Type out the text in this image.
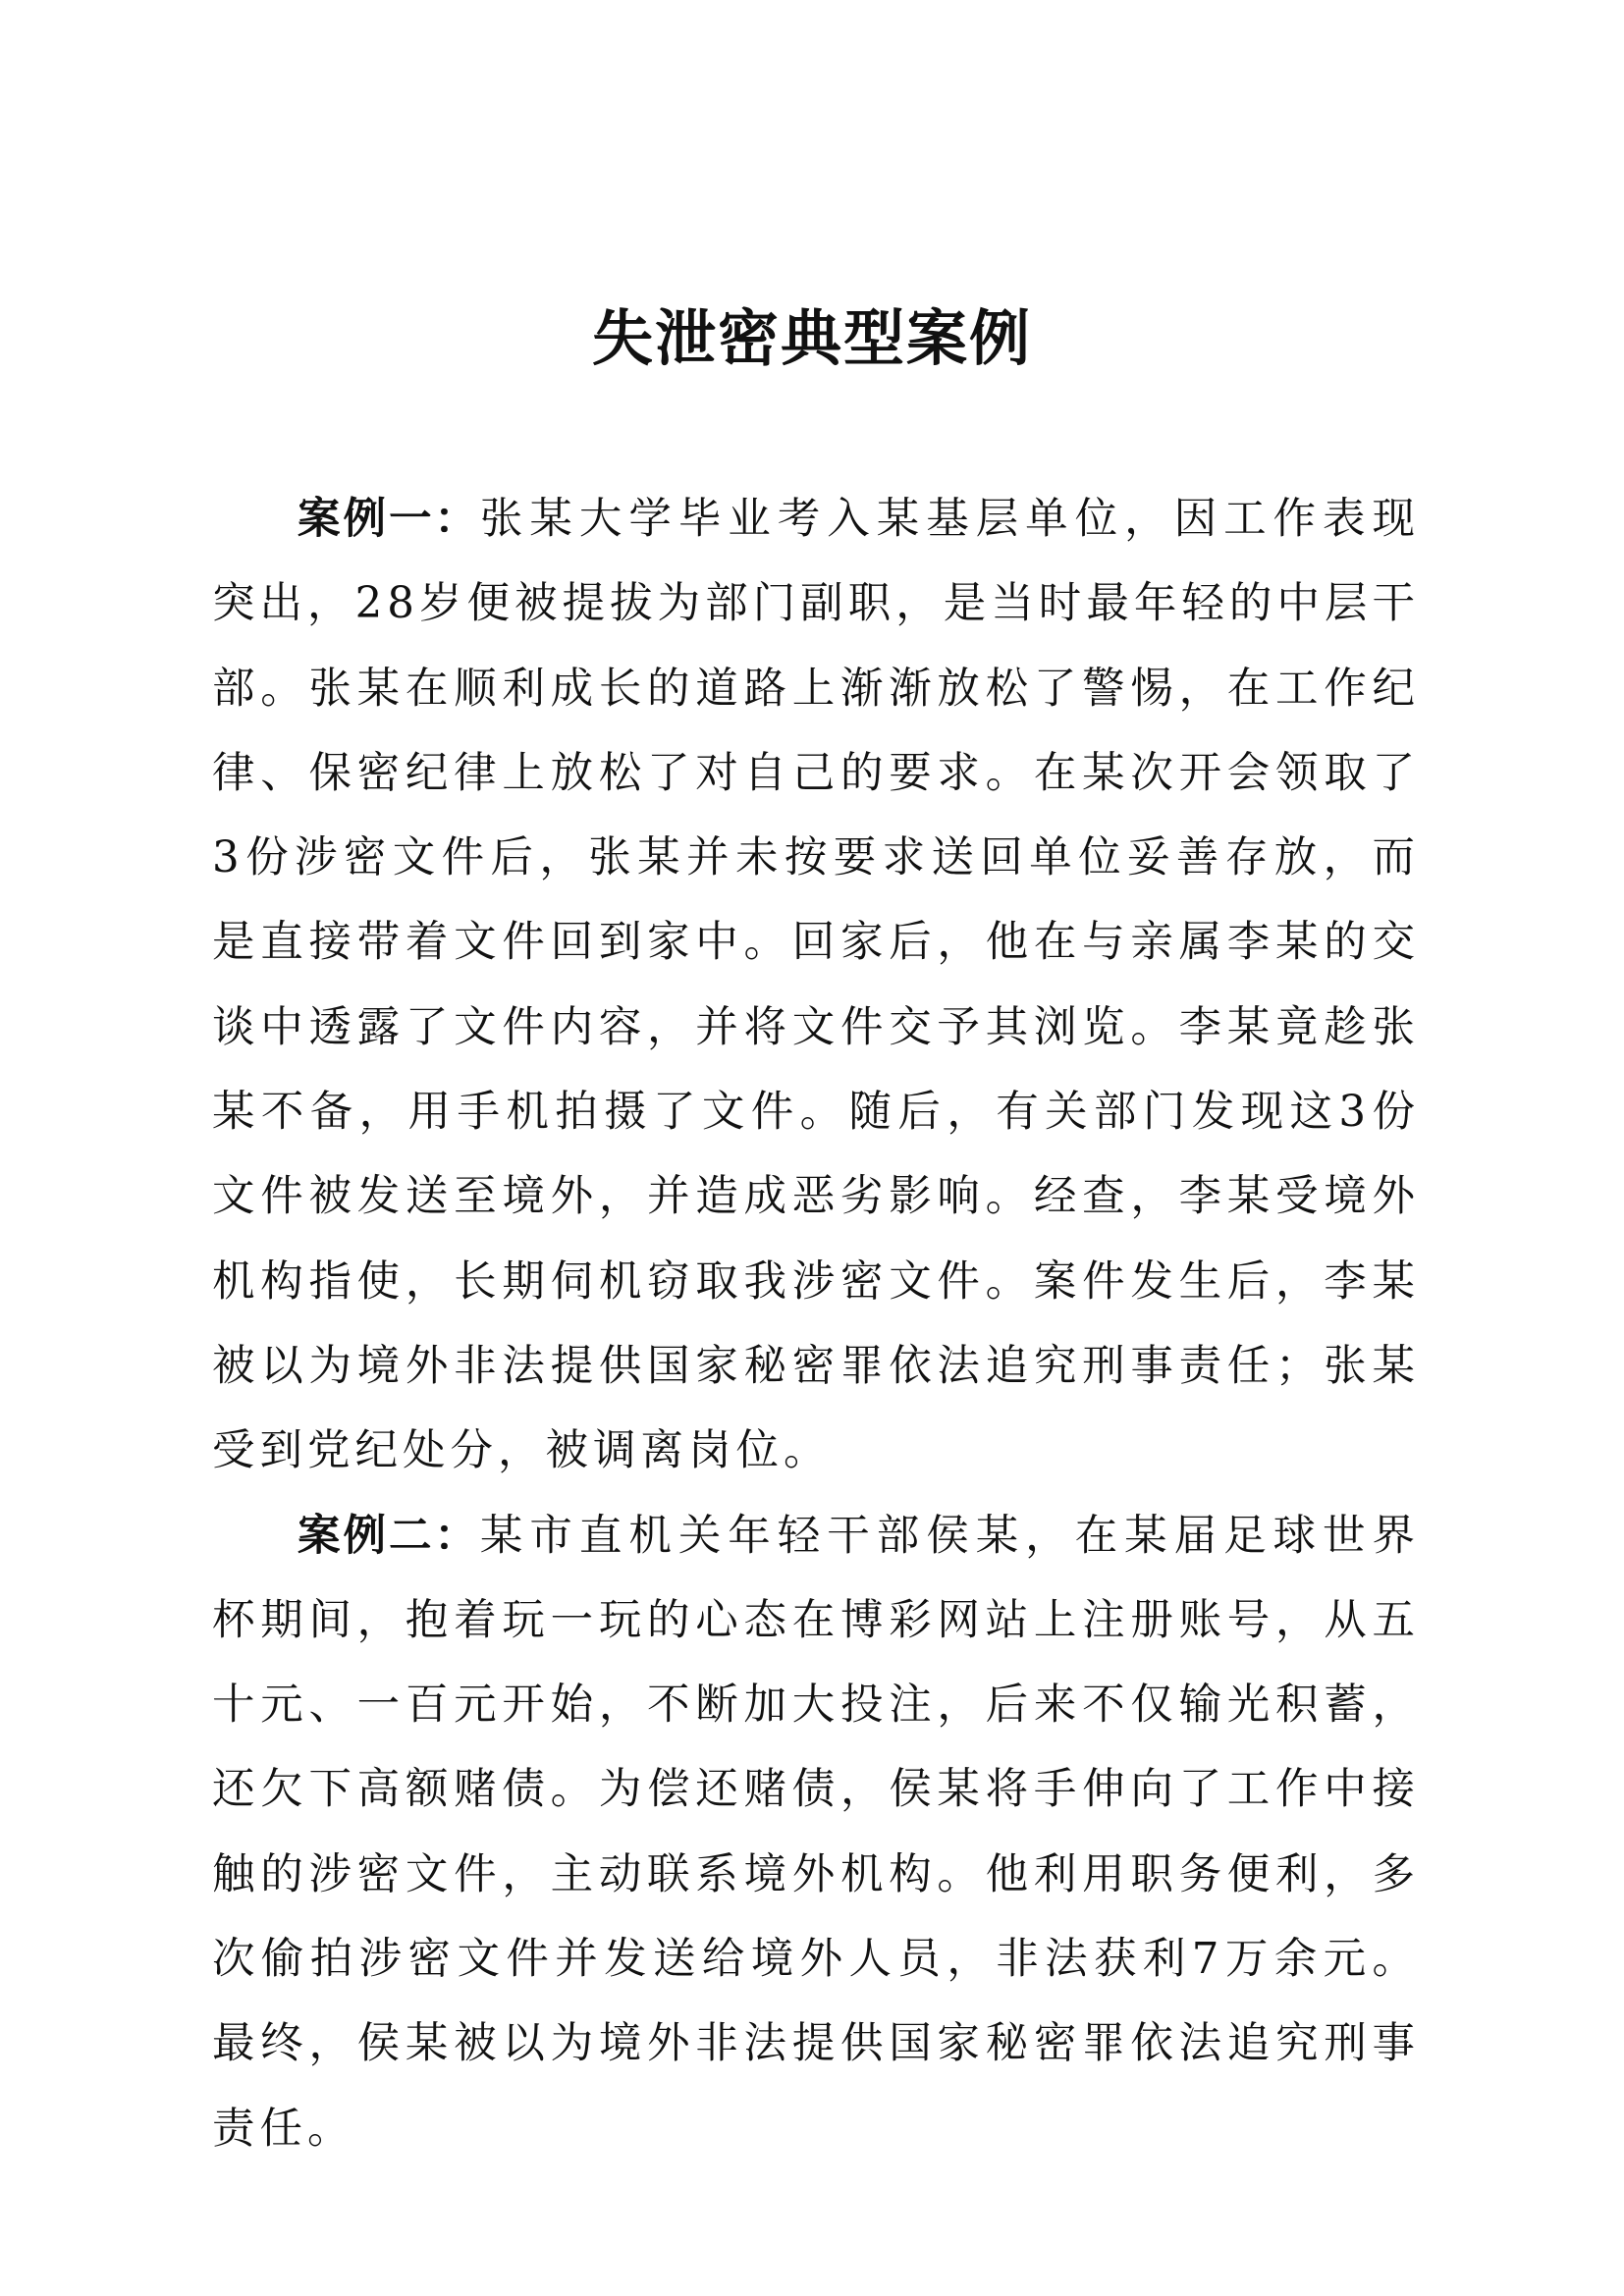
失泄密典型案例

案例一：张某大学毕业考入某基层单位，因工作表现突出，28岁便被提拔为部门副职，是当时最年轻的中层干部。张某在顺利成长的道路上渐渐放松了警惕，在工作纪律、保密纪律上放松了对自己的要求。在某次开会领取了3份涉密文件后，张某并未按要求送回单位妥善存放，而是直接带着文件回到家中。回家后，他在与亲属李某的交谈中透露了文件内容，并将文件交予其浏览。李某竟趁张某不备，用手机拍摄了文件。随后，有关部门发现这3份文件被发送至境外，并造成恶劣影响。经查，李某受境外机构指使，长期伺机窃取我涉密文件。案件发生后，李某被以为境外非法提供国家秘密罪依法追究刑事责任；张某受到党纪处分，被调离岗位。

案例二：某市直机关年轻干部侯某，在某届足球世界杯期间，抱着玩一玩的心态在博彩网站上注册账号，从五十元、一百元开始，不断加大投注，后来不仅输光积蓄，还欠下高额赌债。为偿还赌债，侯某将手伸向了工作中接触的涉密文件，主动联系境外机构。他利用职务便利，多次偷拍涉密文件并发送给境外人员，非法获利7万余元。最终，侯某被以为境外非法提供国家秘密罪依法追究刑事责任。
